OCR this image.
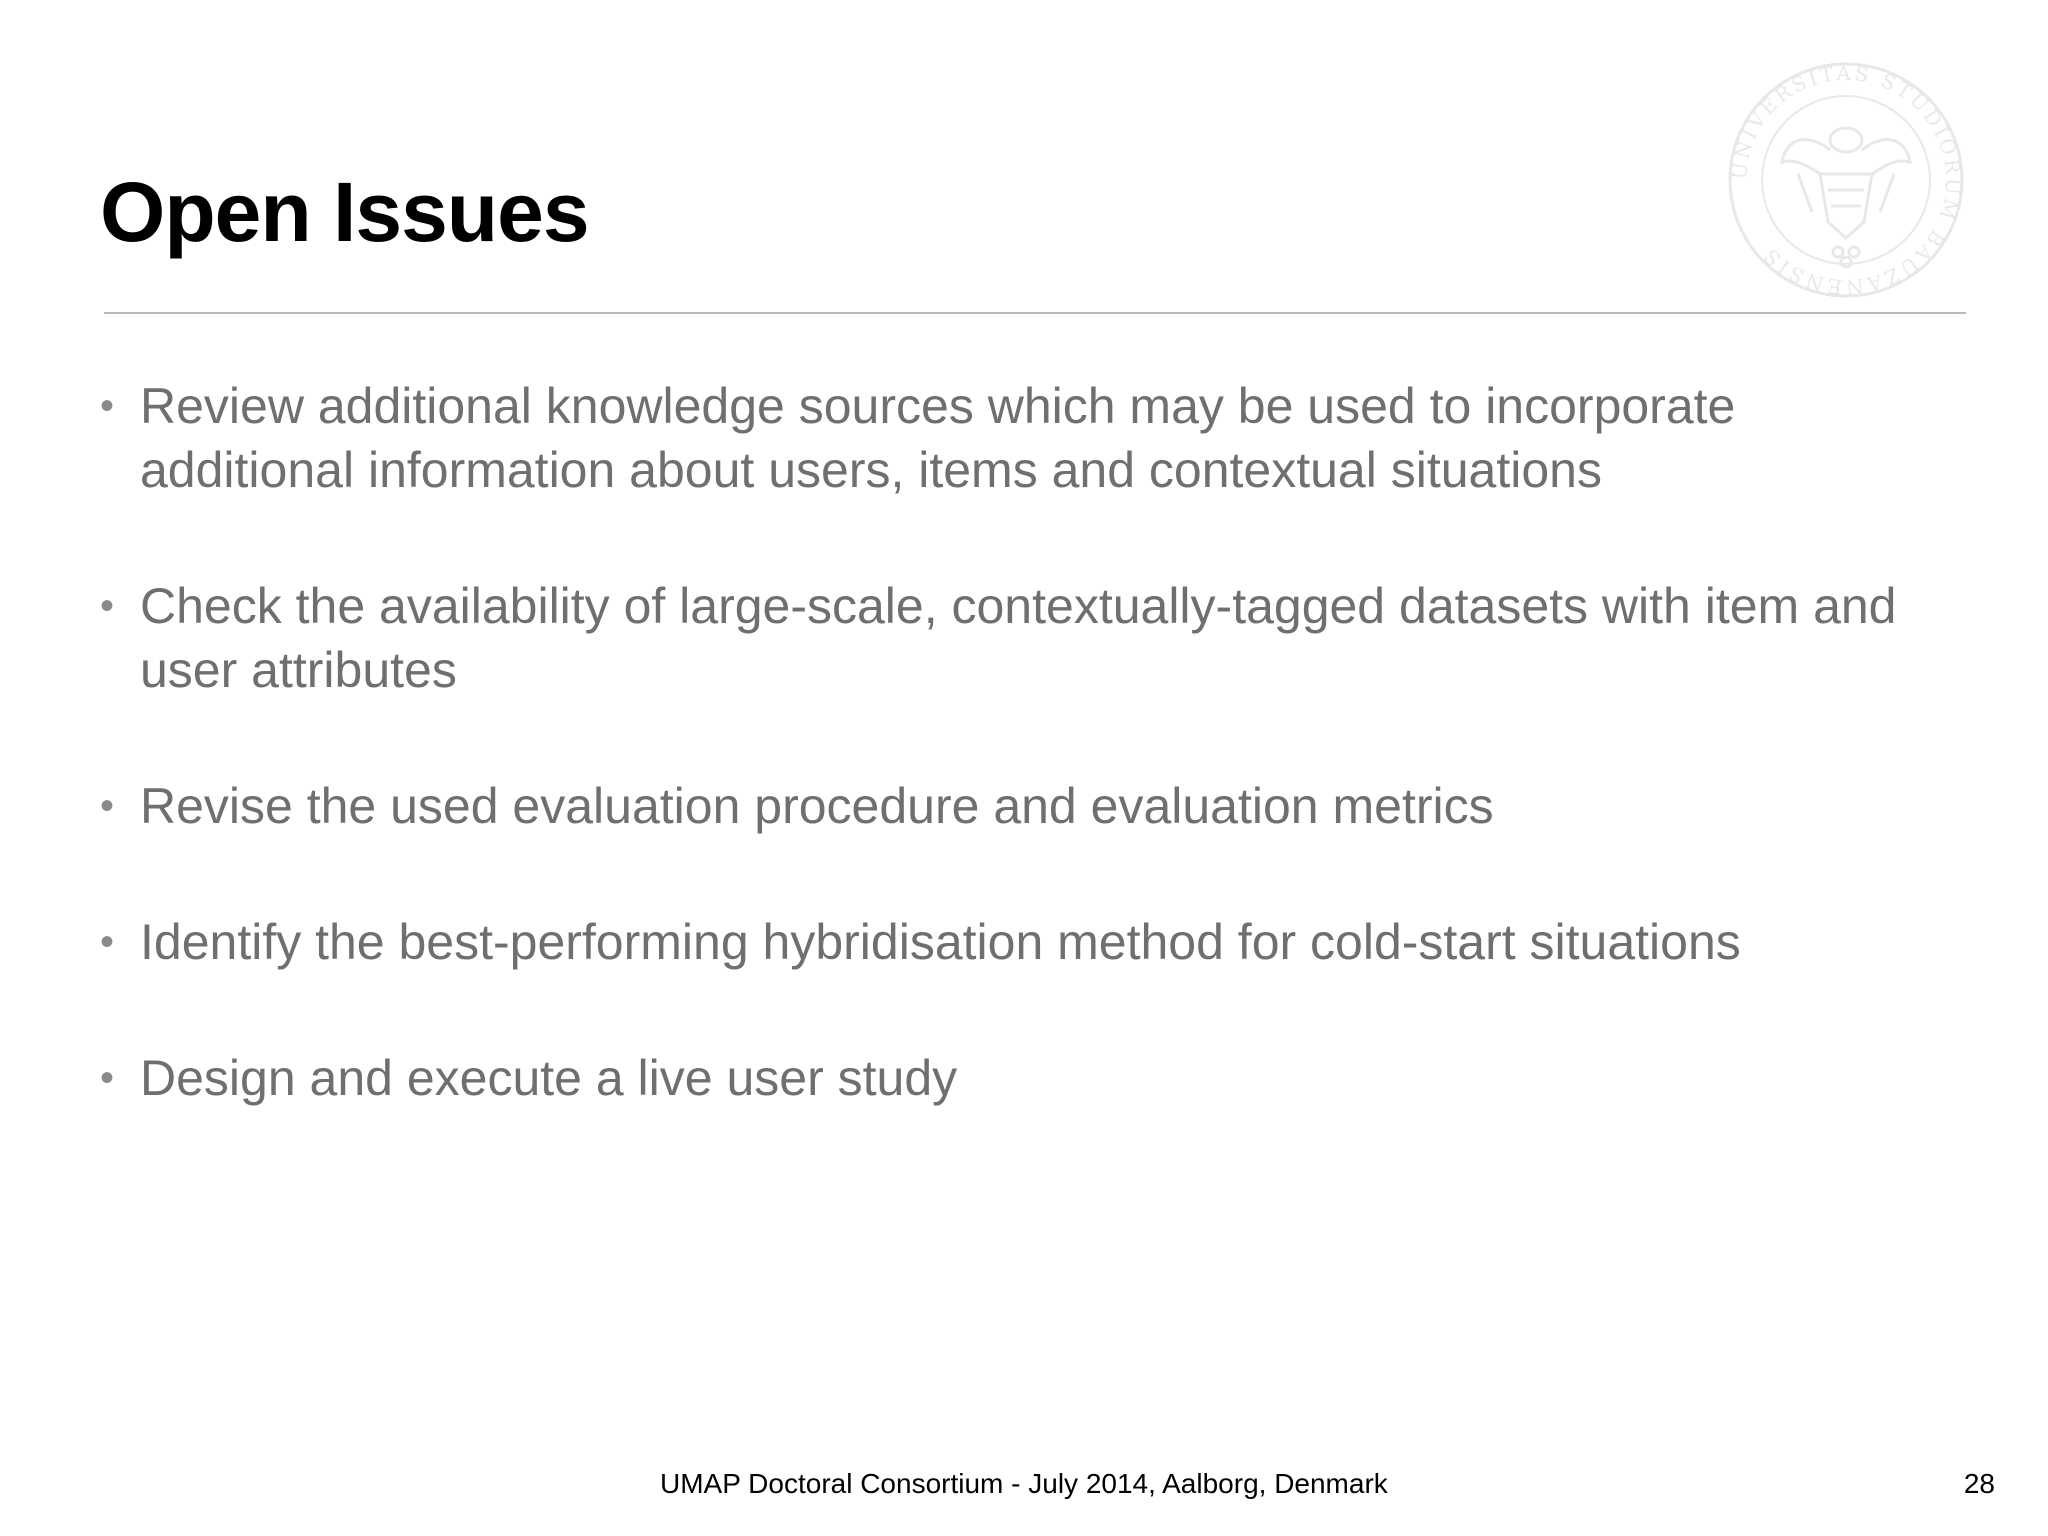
Open Issues	UNIVERSITAS STUDIORUM BAUZANENSIS
• Review additional knowledge sources which may be used to incorporate additional information about users, items and contextual situations
• Check the availability of large-scale, contextually-tagged datasets with item and user attributes
• Revise the used evaluation procedure and evaluation metrics
• Identify the best-performing hybridisation method for cold-start situations
• Design and execute a live user study
UMAP Doctoral Consortium - July 2014, Aalborg, Denmark	28
